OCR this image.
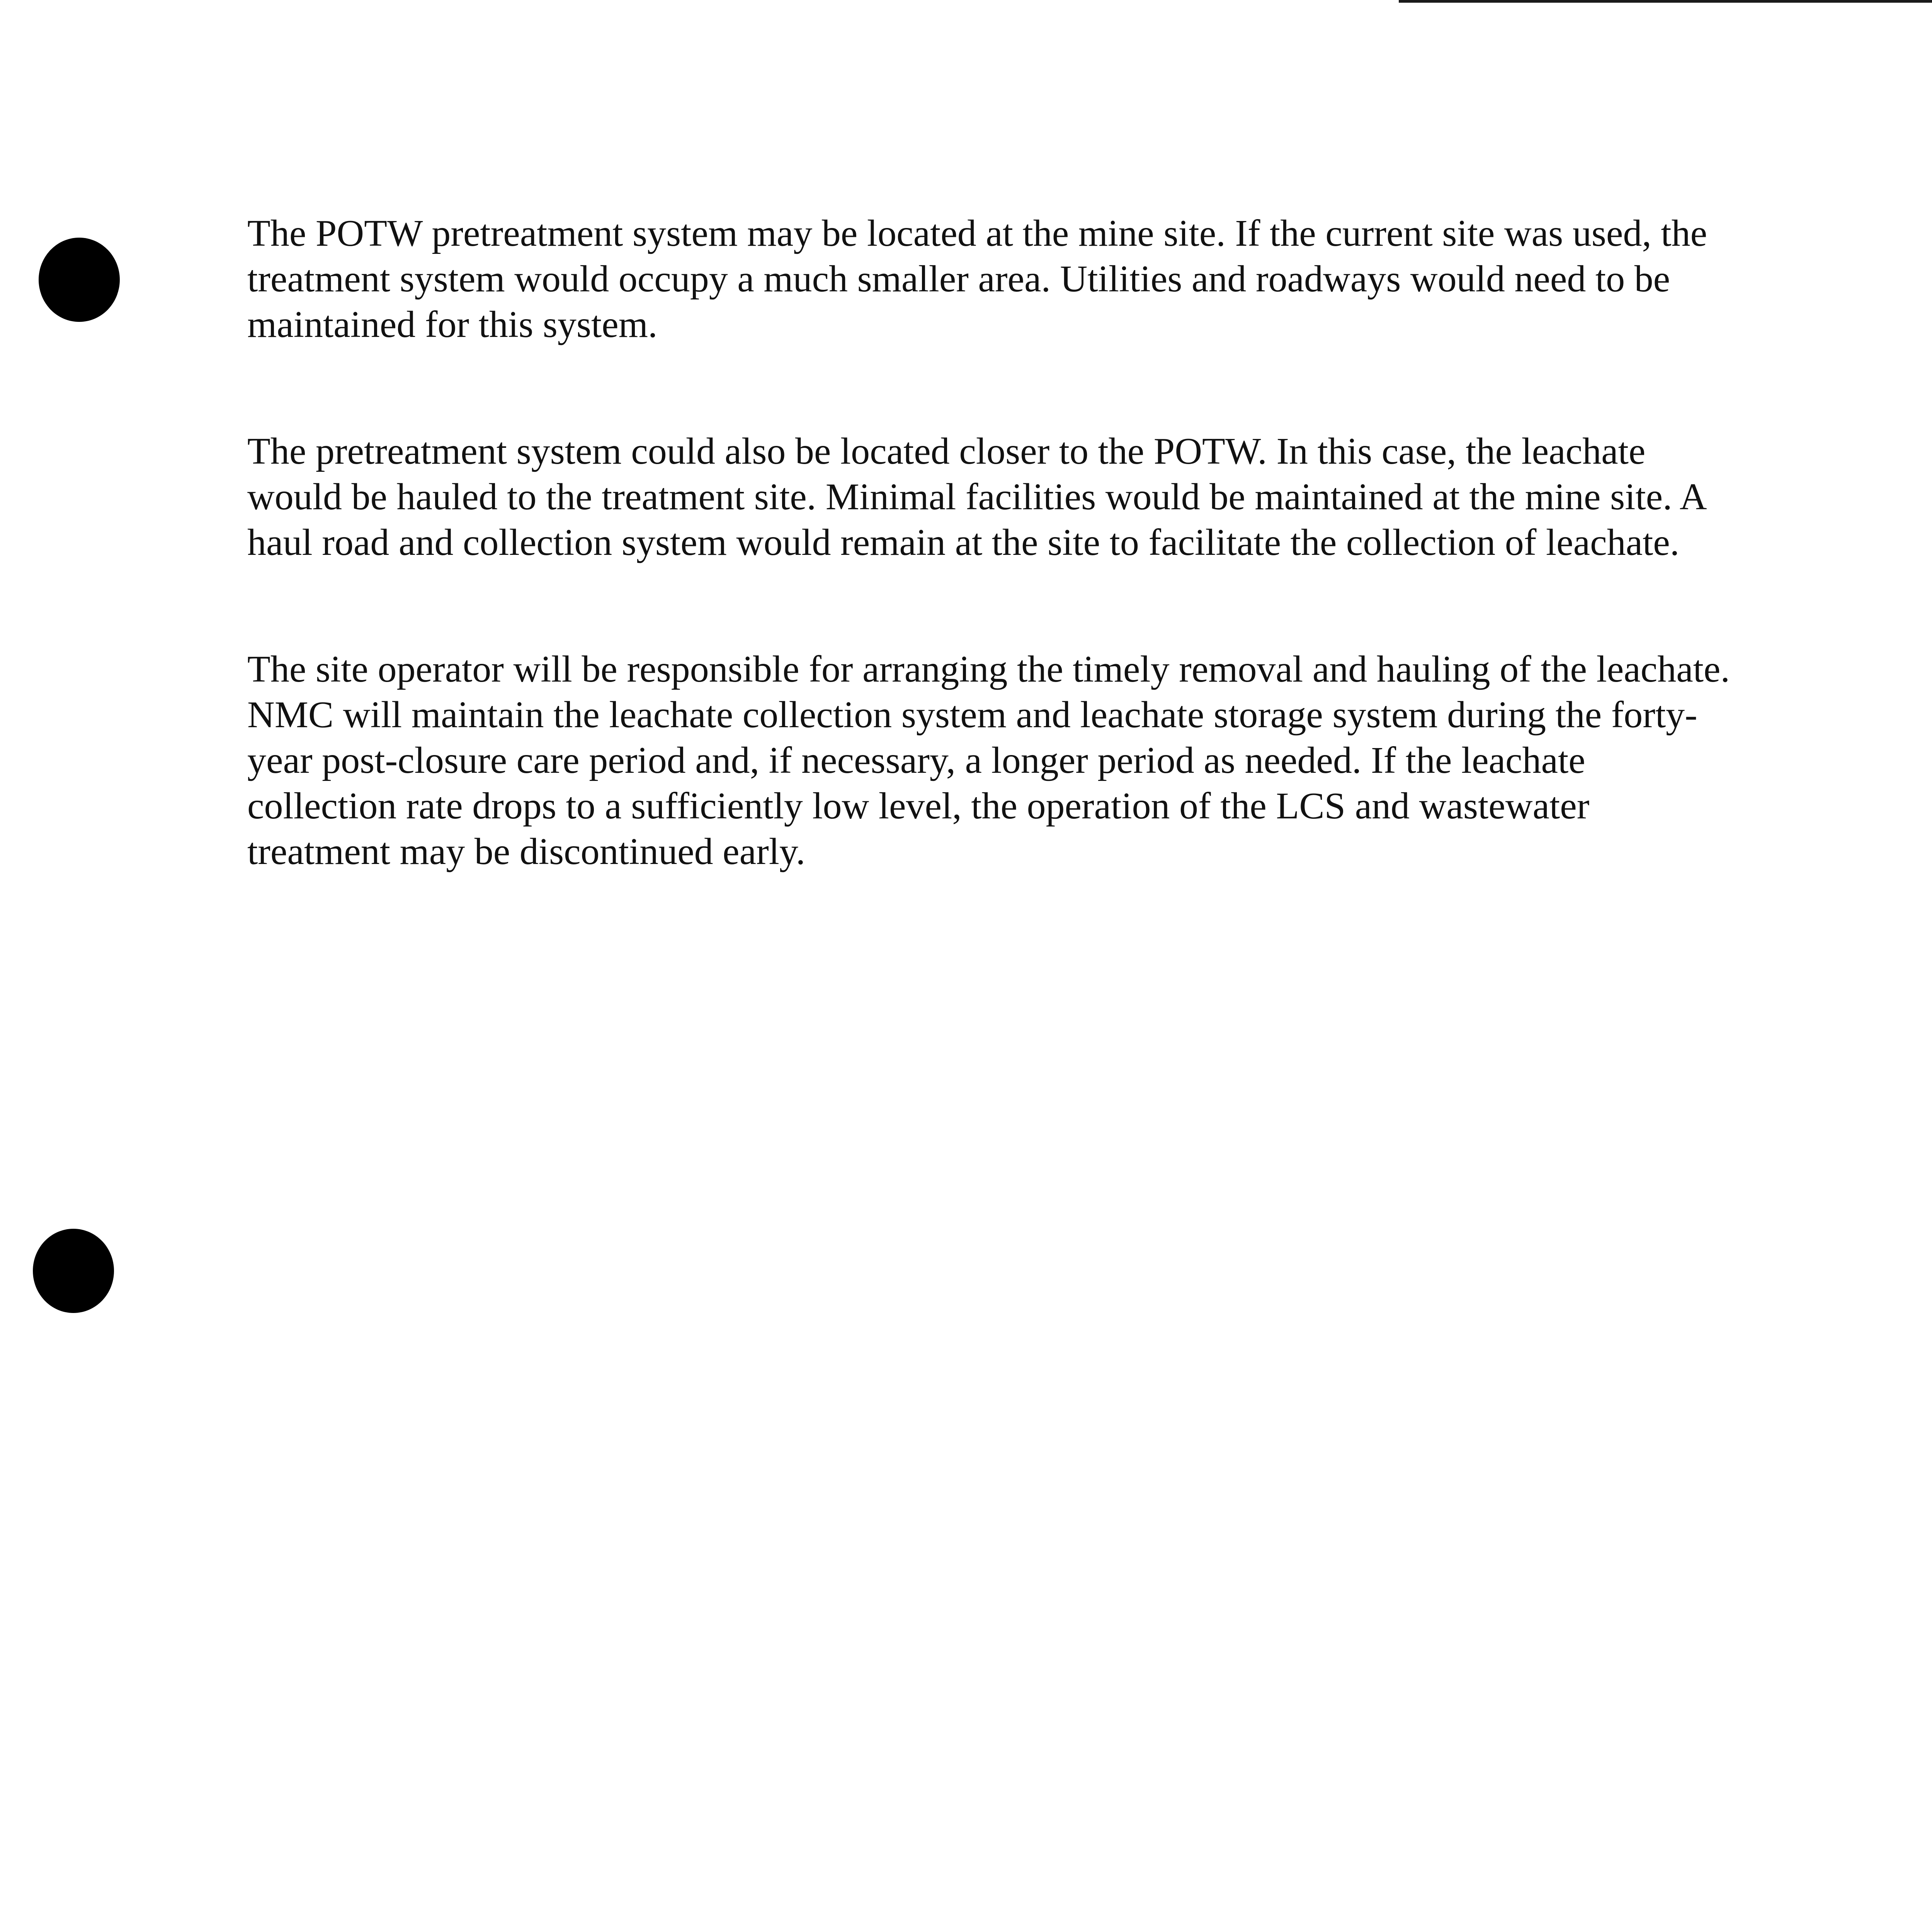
The POTW pretreatment system may be located at the mine site. If the current site was used, the
treatment system would occupy a much smaller area. Utilities and roadways would need to be
maintained for this system.

The pretreatment system could also be located closer to the POTW. In this case, the leachate
would be hauled to the treatment site. Minimal facilities would be maintained at the mine site. A
haul road and collection system would remain at the site to facilitate the collection of leachate.

The site operator will be responsible for arranging the timely removal and hauling of the leachate.
NMC will maintain the leachate collection system and leachate storage system during the forty-
year post-closure care period and, if necessary, a longer period as needed. If the leachate
collection rate drops to a sufficiently low level, the operation of the LCS and wastewater
treatment may be discontinued early.
